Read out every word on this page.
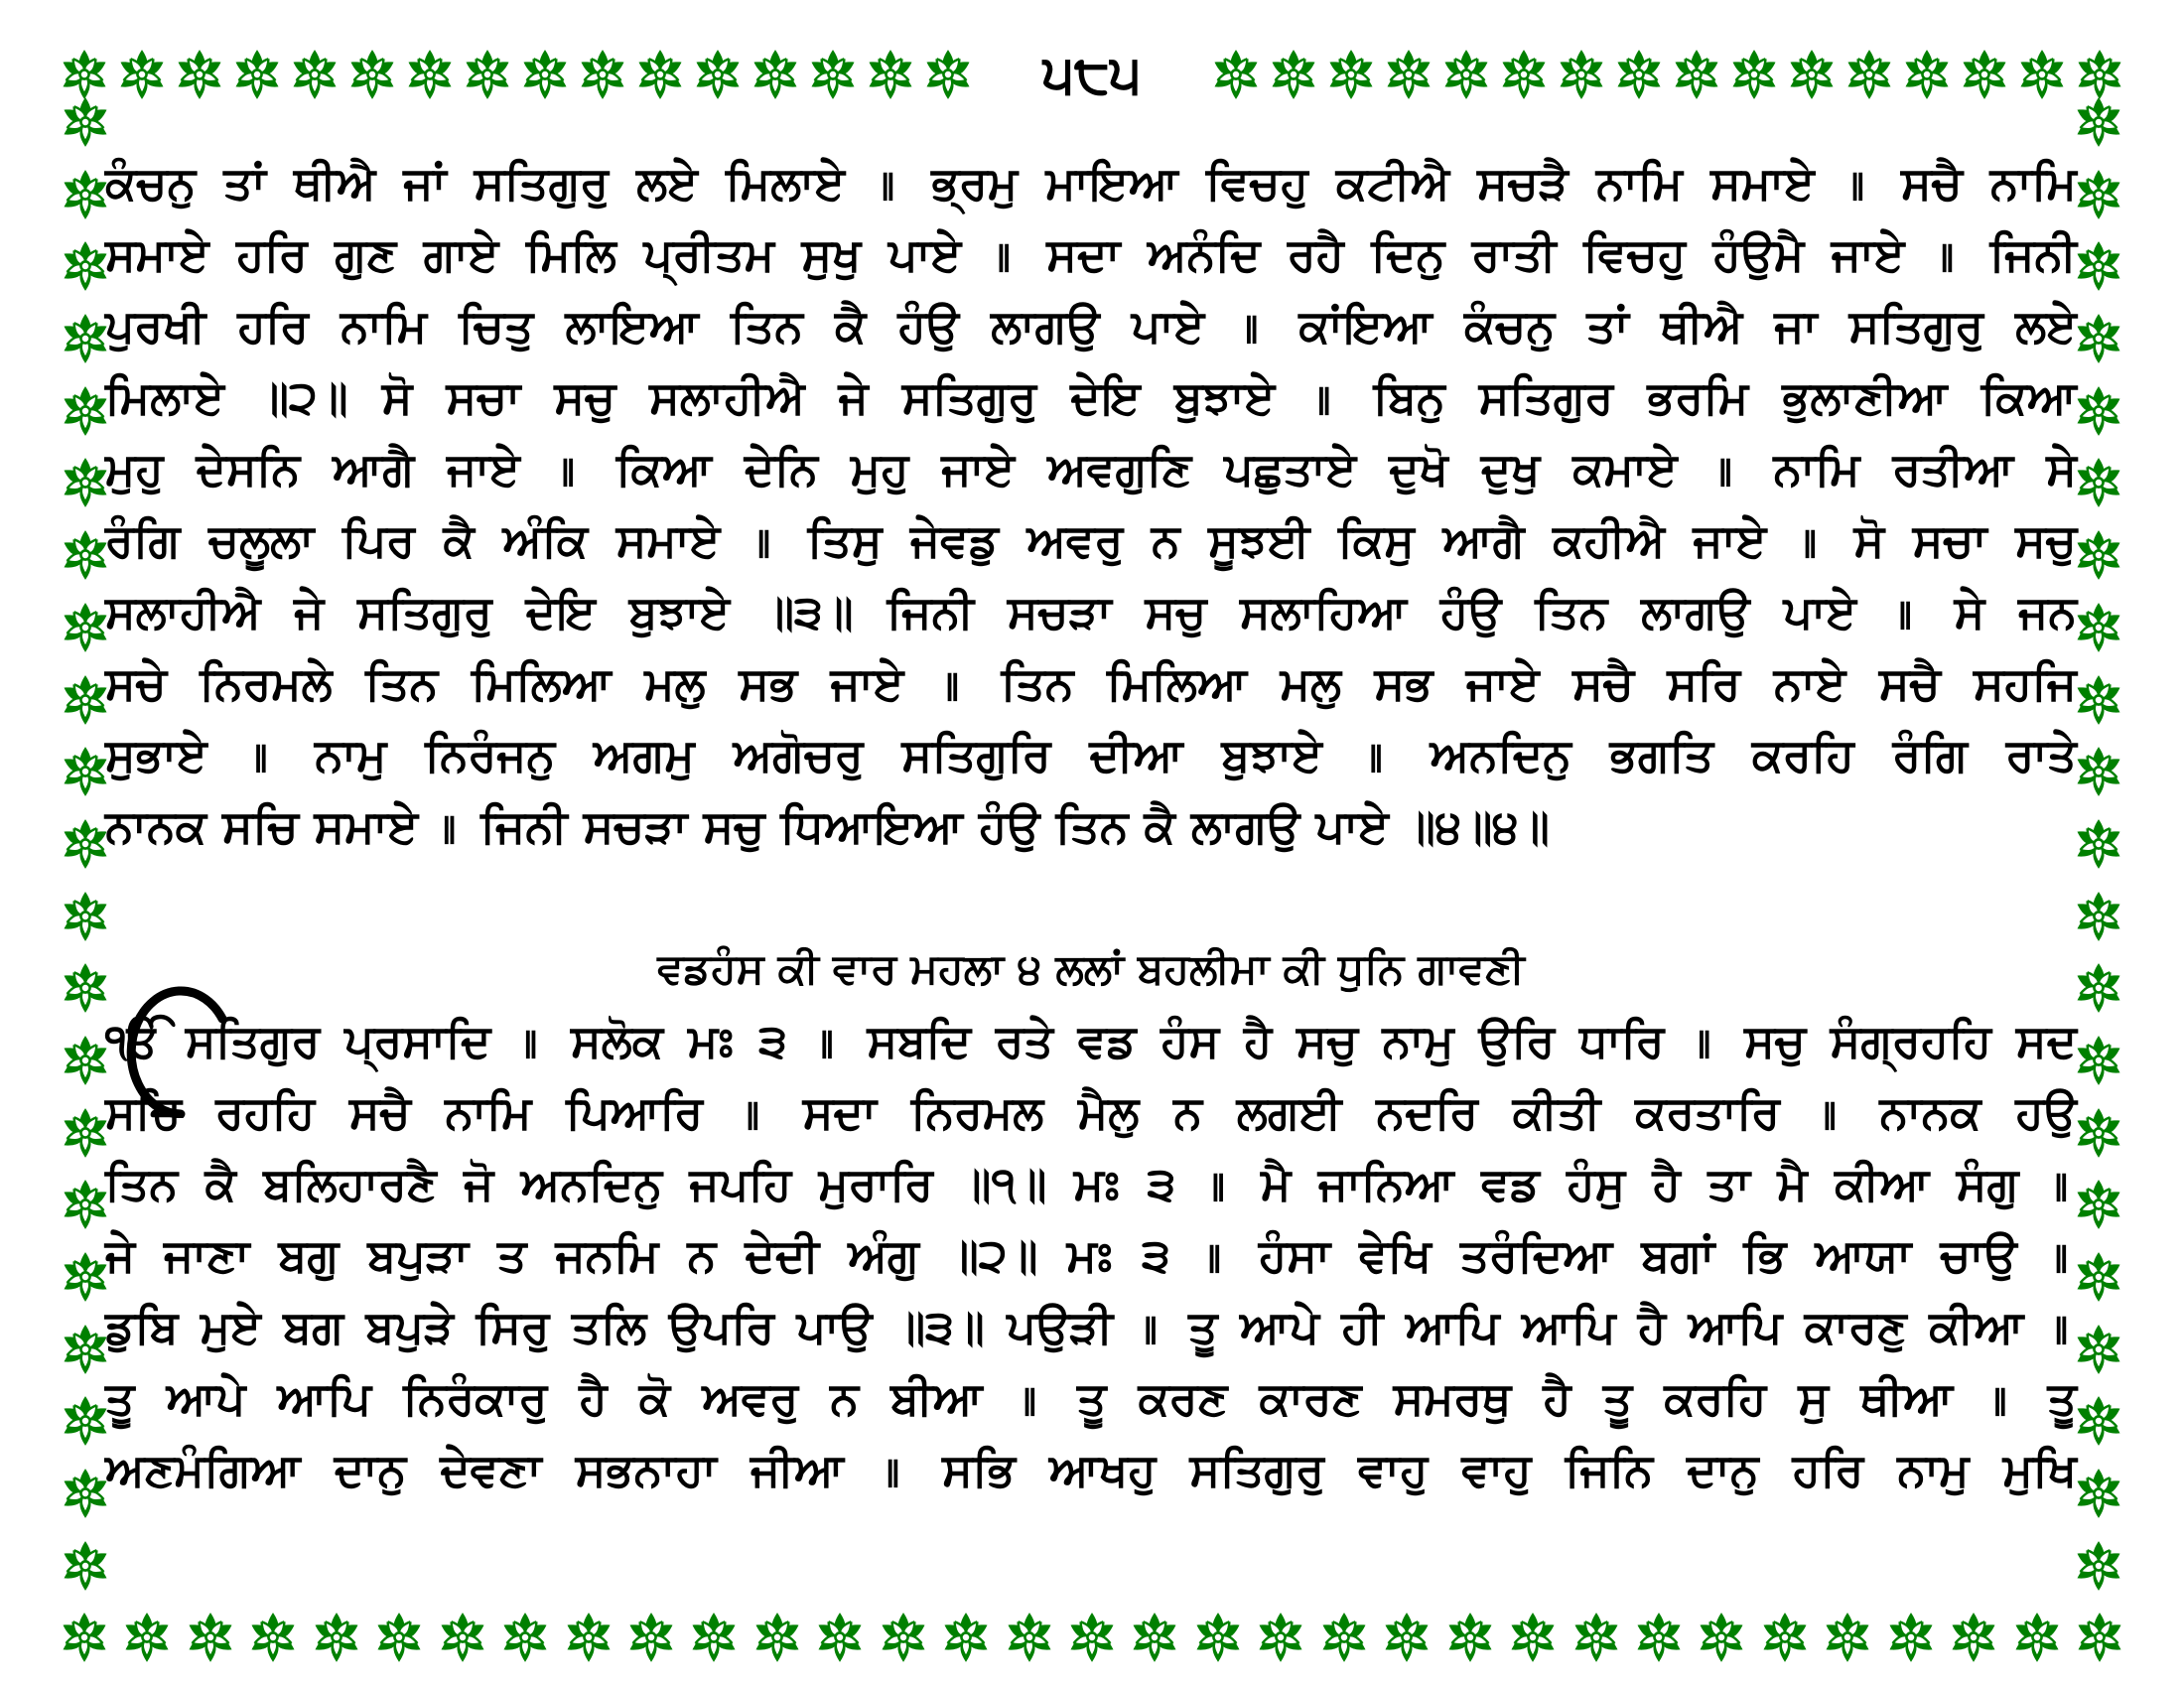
੫੮੫
ਕੰਚਨੁ ਤਾਂ ਥੀਐ ਜਾਂ ਸਤਿਗੁਰੁ ਲਏ ਮਿਲਾਏ ॥ ਭ੍ਰਮੁ ਮਾਇਆ ਵਿਚਹੁ ਕਟੀਐ ਸਚੜੈ ਨਾਮਿ ਸਮਾਏ ॥ ਸਚੈ ਨਾਮਿ
ਸਮਾਏ ਹਰਿ ਗੁਣ ਗਾਏ ਮਿਲਿ ਪ੍ਰੀਤਮ ਸੁਖੁ ਪਾਏ ॥ ਸਦਾ ਅਨੰਦਿ ਰਹੈ ਦਿਨੁ ਰਾਤੀ ਵਿਚਹੁ ਹੰਉਮੈ ਜਾਏ ॥ ਜਿਨੀ
ਪੁਰਖੀ ਹਰਿ ਨਾਮਿ ਚਿਤੁ ਲਾਇਆ ਤਿਨ ਕੈ ਹੰਉ ਲਾਗਉ ਪਾਏ ॥ ਕਾਂਇਆ ਕੰਚਨੁ ਤਾਂ ਥੀਐ ਜਾ ਸਤਿਗੁਰੁ ਲਏ
ਮਿਲਾਏ ॥੨॥ ਸੋ ਸਚਾ ਸਚੁ ਸਲਾਹੀਐ ਜੇ ਸਤਿਗੁਰੁ ਦੇਇ ਬੁਝਾਏ ॥ ਬਿਨੁ ਸਤਿਗੁਰ ਭਰਮਿ ਭੁਲਾਣੀਆ ਕਿਆ
ਮੁਹੁ ਦੇਸਨਿ ਆਗੈ ਜਾਏ ॥ ਕਿਆ ਦੇਨਿ ਮੁਹੁ ਜਾਏ ਅਵਗੁਣਿ ਪਛੁਤਾਏ ਦੁਖੋ ਦੁਖੁ ਕਮਾਏ ॥ ਨਾਮਿ ਰਤੀਆ ਸੇ
ਰੰਗਿ ਚਲੂਲਾ ਪਿਰ ਕੈ ਅੰਕਿ ਸਮਾਏ ॥ ਤਿਸੁ ਜੇਵਡੁ ਅਵਰੁ ਨ ਸੂਝਈ ਕਿਸੁ ਆਗੈ ਕਹੀਐ ਜਾਏ ॥ ਸੋ ਸਚਾ ਸਚੁ
ਸਲਾਹੀਐ ਜੇ ਸਤਿਗੁਰੁ ਦੇਇ ਬੁਝਾਏ ॥੩॥ ਜਿਨੀ ਸਚੜਾ ਸਚੁ ਸਲਾਹਿਆ ਹੰਉ ਤਿਨ ਲਾਗਉ ਪਾਏ ॥ ਸੇ ਜਨ
ਸਚੇ ਨਿਰਮਲੇ ਤਿਨ ਮਿਲਿਆ ਮਲੁ ਸਭ ਜਾਏ ॥ ਤਿਨ ਮਿਲਿਆ ਮਲੁ ਸਭ ਜਾਏ ਸਚੈ ਸਰਿ ਨਾਏ ਸਚੈ ਸਹਜਿ
ਸੁਭਾਏ ॥ ਨਾਮੁ ਨਿਰੰਜਨੁ ਅਗਮੁ ਅਗੋਚਰੁ ਸਤਿਗੁਰਿ ਦੀਆ ਬੁਝਾਏ ॥ ਅਨਦਿਨੁ ਭਗਤਿ ਕਰਹਿ ਰੰਗਿ ਰਾਤੇ
ਨਾਨਕ ਸਚਿ ਸਮਾਏ ॥ ਜਿਨੀ ਸਚੜਾ ਸਚੁ ਧਿਆਇਆ ਹੰਉ ਤਿਨ ਕੈ ਲਾਗਉ ਪਾਏ ॥੪॥੪॥
ਵਡਹੰਸ ਕੀ ਵਾਰ ਮਹਲਾ ੪ ਲਲਾਂ ਬਹਲੀਮਾ ਕੀ ਧੁਨਿ ਗਾਵਣੀ
ੴ ਸਤਿਗੁਰ ਪ੍ਰਸਾਦਿ ॥ ਸਲੋਕ ਮਃ ੩ ॥ ਸਬਦਿ ਰਤੇ ਵਡ ਹੰਸ ਹੈ ਸਚੁ ਨਾਮੁ ਉਰਿ ਧਾਰਿ ॥ ਸਚੁ ਸੰਗ੍ਰਹਹਿ ਸਦ
ਸਚਿ ਰਹਹਿ ਸਚੈ ਨਾਮਿ ਪਿਆਰਿ ॥ ਸਦਾ ਨਿਰਮਲ ਮੈਲੁ ਨ ਲਗਈ ਨਦਰਿ ਕੀਤੀ ਕਰਤਾਰਿ ॥ ਨਾਨਕ ਹਉ
ਤਿਨ ਕੈ ਬਲਿਹਾਰਣੈ ਜੋ ਅਨਦਿਨੁ ਜਪਹਿ ਮੁਰਾਰਿ ॥੧॥ ਮਃ ੩ ॥ ਮੈ ਜਾਨਿਆ ਵਡ ਹੰਸੁ ਹੈ ਤਾ ਮੈ ਕੀਆ ਸੰਗੁ ॥
ਜੇ ਜਾਣਾ ਬਗੁ ਬਪੁੜਾ ਤ ਜਨਮਿ ਨ ਦੇਦੀ ਅੰਗੁ ॥੨॥ ਮਃ ੩ ॥ ਹੰਸਾ ਵੇਖਿ ਤਰੰਦਿਆ ਬਗਾਂ ਭਿ ਆਯਾ ਚਾਉ ॥
ਡੁਬਿ ਮੁਏ ਬਗ ਬਪੁੜੇ ਸਿਰੁ ਤਲਿ ਉਪਰਿ ਪਾਉ ॥੩॥ ਪਉੜੀ ॥ ਤੂ ਆਪੇ ਹੀ ਆਪਿ ਆਪਿ ਹੈ ਆਪਿ ਕਾਰਣੁ ਕੀਆ ॥
ਤੂ ਆਪੇ ਆਪਿ ਨਿਰੰਕਾਰੁ ਹੈ ਕੋ ਅਵਰੁ ਨ ਬੀਆ ॥ ਤੂ ਕਰਣ ਕਾਰਣ ਸਮਰਥੁ ਹੈ ਤੂ ਕਰਹਿ ਸੁ ਥੀਆ ॥ ਤੂ
ਅਣਮੰਗਿਆ ਦਾਨੁ ਦੇਵਣਾ ਸਭਨਾਹਾ ਜੀਆ ॥ ਸਭਿ ਆਖਹੁ ਸਤਿਗੁਰੁ ਵਾਹੁ ਵਾਹੁ ਜਿਨਿ ਦਾਨੁ ਹਰਿ ਨਾਮੁ ਮੁਖਿ
